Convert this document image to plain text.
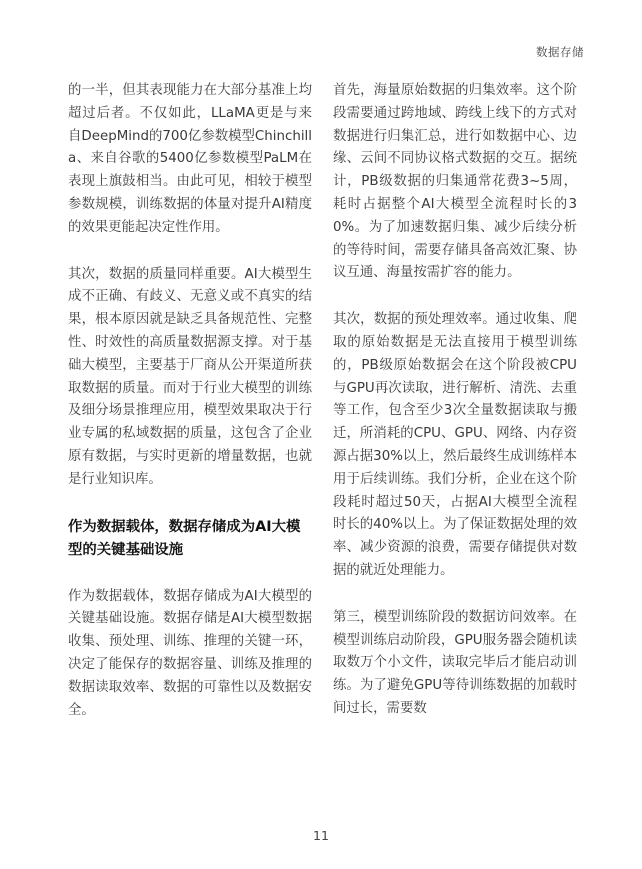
数据存储

的一半，但其表现能力在大部分基准上均超过后者。不仅如此，LLaMA更是与来自DeepMind的700亿参数模型Chinchilla、来自谷歌的5400亿参数模型PaLM在表现上旗鼓相当。由此可见，相较于模型参数规模，训练数据的体量对提升AI精度的效果更能起决定性作用。

其次，数据的质量同样重要。AI大模型生成不正确、有歧义、无意义或不真实的结果，根本原因就是缺乏具备规范性、完整性、时效性的高质量数据源支撑。对于基础大模型，主要基于厂商从公开渠道所获取数据的质量。而对于行业大模型的训练及细分场景推理应用，模型效果取决于行业专属的私域数据的质量，这包含了企业原有数据，与实时更新的增量数据，也就是行业知识库。

作为数据载体，数据存储成为AI大模型的关键基础设施

作为数据载体，数据存储成为AI大模型的关键基础设施。数据存储是AI大模型数据收集、预处理、训练、推理的关键一环，决定了能保存的数据容量、训练及推理的数据读取效率、数据的可靠性以及数据安全。

首先，海量原始数据的归集效率。这个阶段需要通过跨地域、跨线上线下的方式对数据进行归集汇总，进行如数据中心、边缘、云间不同协议格式数据的交互。据统计，PB级数据的归集通常花费3~5周，耗时占据整个AI大模型全流程时长的30%。为了加速数据归集、减少后续分析的等待时间，需要存储具备高效汇聚、协议互通、海量按需扩容的能力。

其次，数据的预处理效率。通过收集、爬取的原始数据是无法直接用于模型训练的，PB级原始数据会在这个阶段被CPU与GPU再次读取，进行解析、清洗、去重等工作，包含至少3次全量数据读取与搬迁，所消耗的CPU、GPU、网络、内存资源占据30%以上，然后最终生成训练样本用于后续训练。我们分析，企业在这个阶段耗时超过50天，占据AI大模型全流程时长的40%以上。为了保证数据处理的效率、减少资源的浪费，需要存储提供对数据的就近处理能力。

第三，模型训练阶段的数据访问效率。在模型训练启动阶段，GPU服务器会随机读取数万个小文件，读取完毕后才能启动训练。为了避免GPU等待训练数据的加载时间过长，需要数

11
